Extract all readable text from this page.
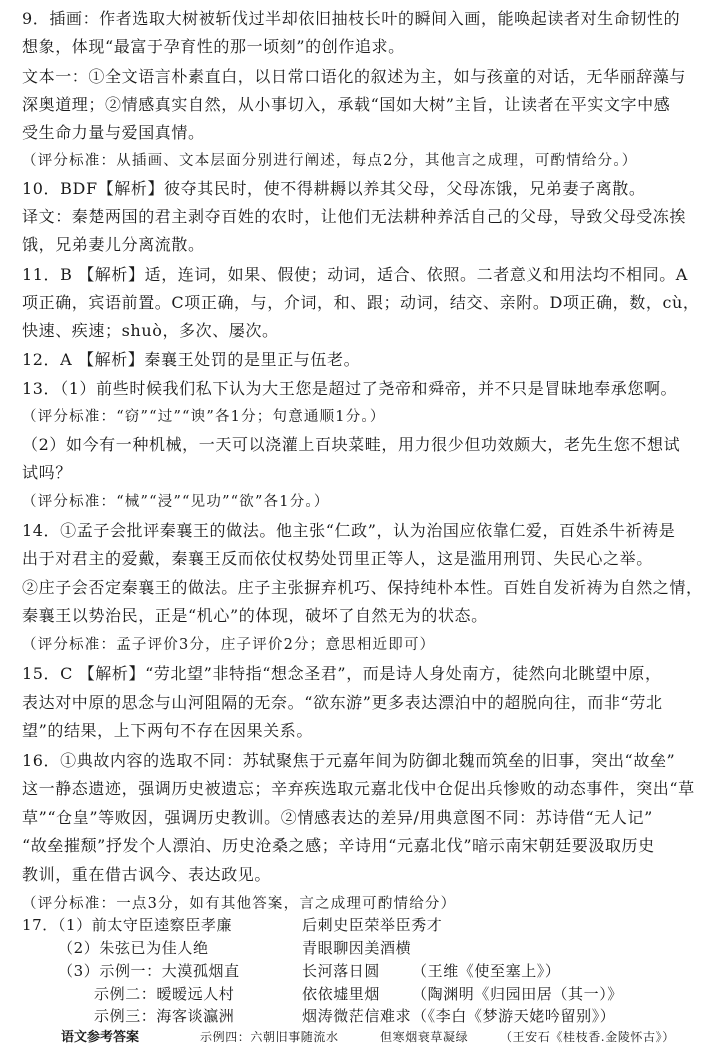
9．插画：作者选取大树被斩伐过半却依旧抽枝长叶的瞬间入画，能唤起读者对生命韧性的
想象，体现“最富于孕育性的那一顷刻”的创作追求。
文本一：①全文语言朴素直白，以日常口语化的叙述为主，如与孩童的对话，无华丽辞藻与
深奥道理；②情感真实自然，从小事切入，承载“国如大树”主旨，让读者在平实文字中感
受生命力量与爱国真情。
（评分标准：从插画、文本层面分别进行阐述，每点2分，其他言之成理，可酌情给分。）
10．BDF【解析】彼夺其民时，使不得耕耨以养其父母，父母冻饿，兄弟妻子离散。
译文：秦楚两国的君主剥夺百姓的农时，让他们无法耕种养活自己的父母，导致父母受冻挨
饿，兄弟妻儿分离流散。
11．B 【解析】适，连词，如果、假使；动词，适合、依照。二者意义和用法均不相同。A
项正确，宾语前置。C项正确，与，介词，和、跟；动词，结交、亲附。D项正确，数，cù，
快速、疾速；shuò，多次、屡次。
12．A 【解析】秦襄王处罚的是里正与伍老。
13．（1）前些时候我们私下认为大王您是超过了尧帝和舜帝，并不只是冒昧地奉承您啊。
（评分标准：“窃”“过”“谀”各1分；句意通顺1分。）
（2）如今有一种机械，一天可以浇灌上百块菜畦，用力很少但功效颇大，老先生您不想试
试吗？
（评分标准：“械”“浸”“见功”“欲”各1分。）
14．①孟子会批评秦襄王的做法。他主张“仁政”，认为治国应依靠仁爱，百姓杀牛祈祷是
出于对君主的爱戴，秦襄王反而依仗权势处罚里正等人，这是滥用刑罚、失民心之举。
②庄子会否定秦襄王的做法。庄子主张摒弃机巧、保持纯朴本性。百姓自发祈祷为自然之情，
秦襄王以势治民，正是“机心”的体现，破坏了自然无为的状态。
（评分标准：孟子评价3分，庄子评价2分；意思相近即可）
15．C 【解析】“劳北望”非特指“想念圣君”，而是诗人身处南方，徒然向北眺望中原，
表达对中原的思念与山河阻隔的无奈。“欲东游”更多表达漂泊中的超脱向往，而非“劳北
望”的结果，上下两句不存在因果关系。
16．①典故内容的选取不同：苏轼聚焦于元嘉年间为防御北魏而筑垒的旧事，突出“故垒”
这一静态遗迹，强调历史被遗忘；辛弃疾选取元嘉北伐中仓促出兵惨败的动态事件，突出“草
草”“仓皇”等败因，强调历史教训。②情感表达的差异/用典意图不同：苏诗借“无人记”
“故垒摧颓”抒发个人漂泊、历史沧桑之感；辛诗用“元嘉北伐”暗示南宋朝廷要汲取历史
教训，重在借古讽今、表达政见。
（评分标准：一点3分，如有其他答案，言之成理可酌情给分）
17．（1）前太守臣逵察臣孝廉	后刺史臣荣举臣秀才
（2）朱弦已为佳人绝	青眼聊因美酒横
（3）示例一：大漠孤烟直	长河落日圆 （王维《使至塞上》）
示例二：暧暧远人村	依依墟里烟 （陶渊明《归园田居（其一）》
示例三：海客谈瀛洲	烟涛微茫信难求 （《李白《梦游天姥吟留别》）
语文参考答案	示例四：六朝旧事随流水	但寒烟衰草凝绿	（王安石《桂枝香.金陵怀古》）
